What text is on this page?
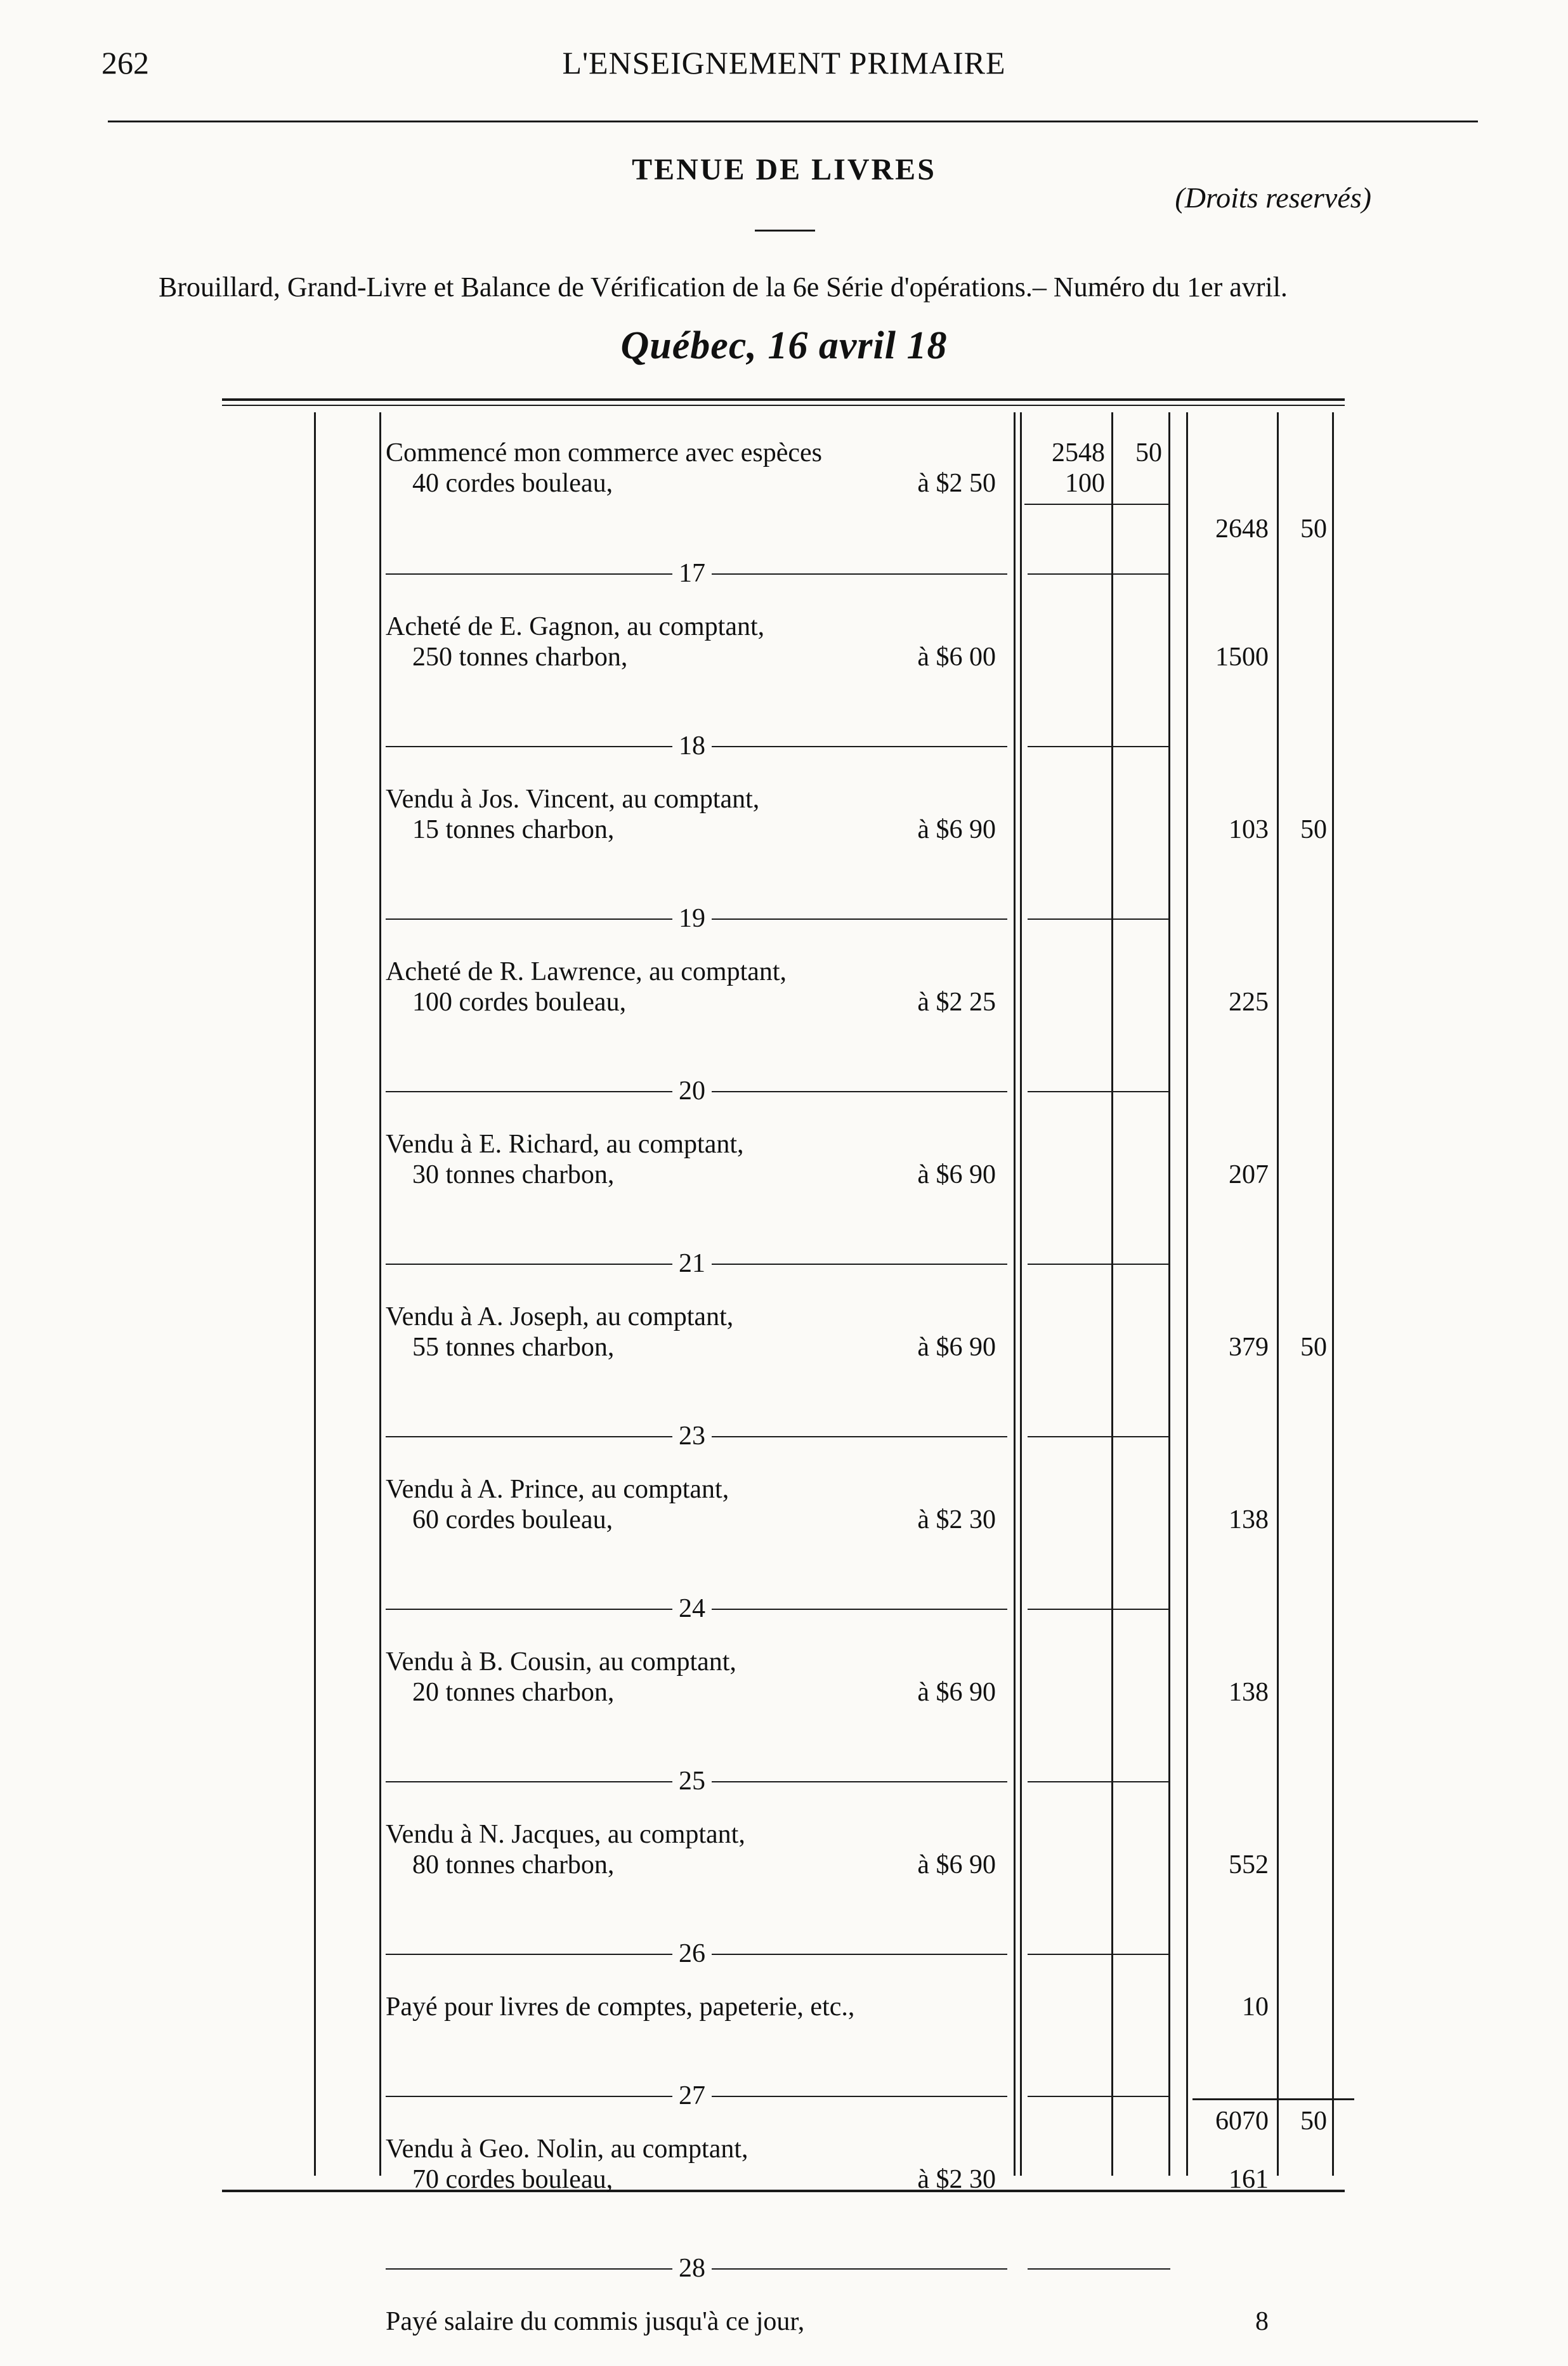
262	L'ENSEIGNEMENT PRIMAIRE
TENUE DE LIVRES
(Droits reservés)
Brouillard, Grand-Livre et Balance de Vérification de la 6e Série d'opérations.– Numéro du 1er avril.
Québec, 16 avril 18
Commencé mon commerce avec espèces
40 cordes bouleau,	à $2 50
2548 50
100
2648 50
17
Acheté de E. Gagnon, au comptant,
250 tonnes charbon,	à $6 00	1500
18
Vendu à Jos. Vincent, au comptant,
15 tonnes charbon,	à $6 90	103 50
19
Acheté de R. Lawrence, au comptant,
100 cordes bouleau,	à $2 25	225
20
Vendu à E. Richard, au comptant,
30 tonnes charbon,	à $6 90	207
21
Vendu à A. Joseph, au comptant,
55 tonnes charbon,	à $6 90	379 50
23
Vendu à A. Prince, au comptant,
60 cordes bouleau,	à $2 30	138
24
Vendu à B. Cousin, au comptant,
20 tonnes charbon,	à $6 90	138
25
Vendu à N. Jacques, au comptant,
80 tonnes charbon,	à $6 90	552
26
Payé pour livres de comptes, papeterie, etc.,	10
27
Vendu à Geo. Nolin, au comptant,
70 cordes bouleau,	à $2 30	161
28
Payé salaire du commis jusqu'à ce jour,	8
6070 50
